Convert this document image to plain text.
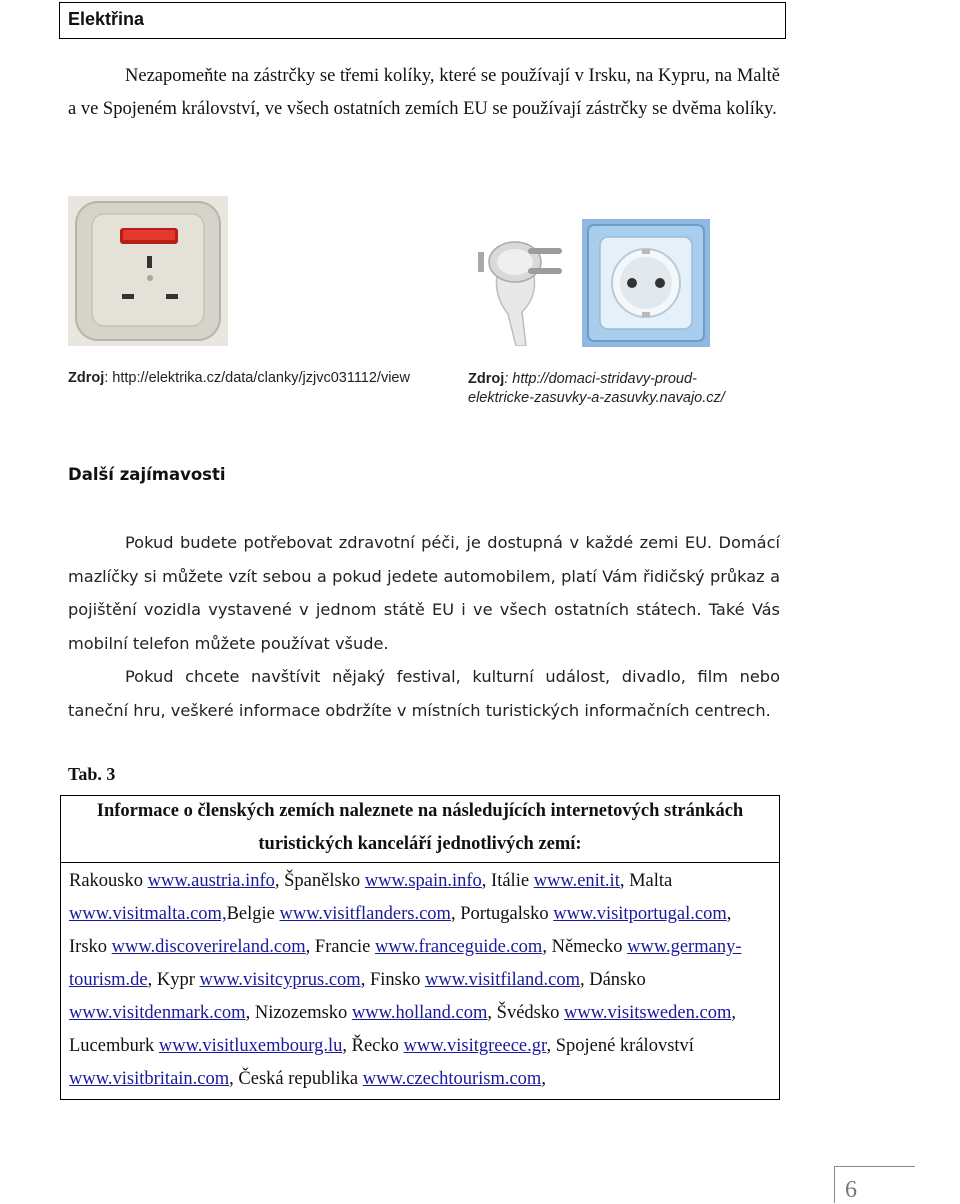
Elektřina

Nezapomeňte na zástrčky se třemi kolíky, které se používají v Irsku, na Kypru, na Maltě a ve Spojeném království, ve všech ostatních zemích EU se používají zástrčky se dvěma kolíky.

Zdroj: http://elektrika.cz/data/clanky/jzjvc031112/view	Zdroj: http://domaci-stridavy-proud-
elektricke-zasuvky-a-zasuvky.navajo.cz/
Další zajímavosti

Pokud budete potřebovat zdravotní péči, je dostupná v každé zemi EU. Domácí mazlíčky si můžete vzít sebou a pokud jedete automobilem, platí Vám řidičský průkaz a pojištění vozidla vystavené v jednom státě EU i ve všech ostatních státech. Také Vás mobilní telefon můžete používat všude.

Pokud chcete navštívit nějaký festival, kulturní událost, divadlo, film nebo taneční hru, veškeré informace obdržíte v místních turistických informačních centrech.

Tab. 3
Informace o členských zemích naleznete na následujících internetových stránkách
turistických kanceláří jednotlivých zemí:
Rakousko www.austria.info, Španělsko www.spain.info, Itálie www.enit.it, Malta www.visitmalta.com,Belgie www.visitflanders.com, Portugalsko www.visitportugal.com, Irsko www.discoverireland.com, Francie www.franceguide.com, Německo www.germany-tourism.de, Kypr www.visitcyprus.com, Finsko www.visitfiland.com, Dánsko www.visitdenmark.com, Nizozemsko www.holland.com, Švédsko www.visitsweden.com, Lucemburk www.visitluxembourg.lu, Řecko www.visitgreece.gr, Spojené království www.visitbritain.com, Česká republika www.czechtourism.com,
6
